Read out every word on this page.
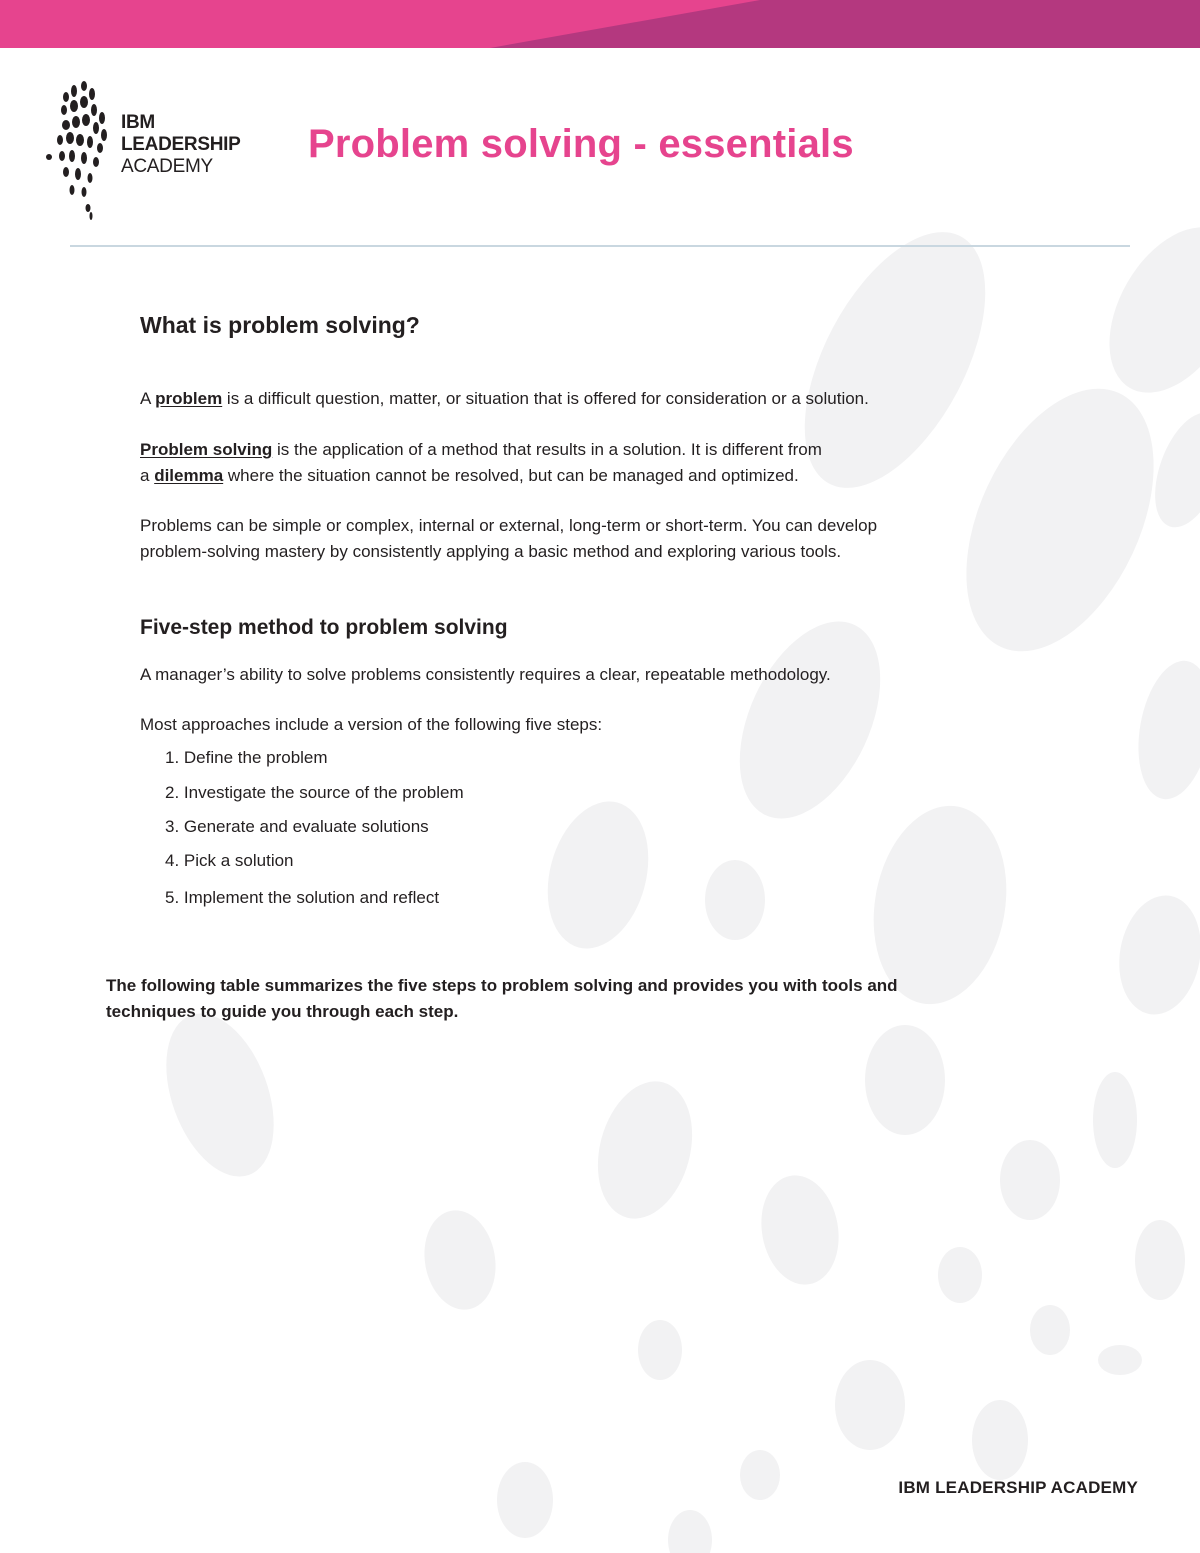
IBM
LEADERSHIP
ACADEMY
Problem solving - essentials
What is problem solving?

A problem is a difficult question, matter, or situation that is offered for consideration or a solution.

Problem solving is the application of a method that results in a solution. It is different from

a dilemma where the situation cannot be resolved, but can be managed and optimized.

Problems can be simple or complex, internal or external, long-term or short-term. You can develop

problem-solving mastery by consistently applying a basic method and exploring various tools.

Five-step method to problem solving

A manager’s ability to solve problems consistently requires a clear, repeatable methodology.

Most approaches include a version of the following five steps:

1. Define the problem
2. Investigate the source of the problem
3. Generate and evaluate solutions
4. Pick a solution
5. Implement the solution and reflect

The following table summarizes the five steps to problem solving and provides you with tools and
techniques to guide you through each step.

IBM LEADERSHIP ACADEMY
